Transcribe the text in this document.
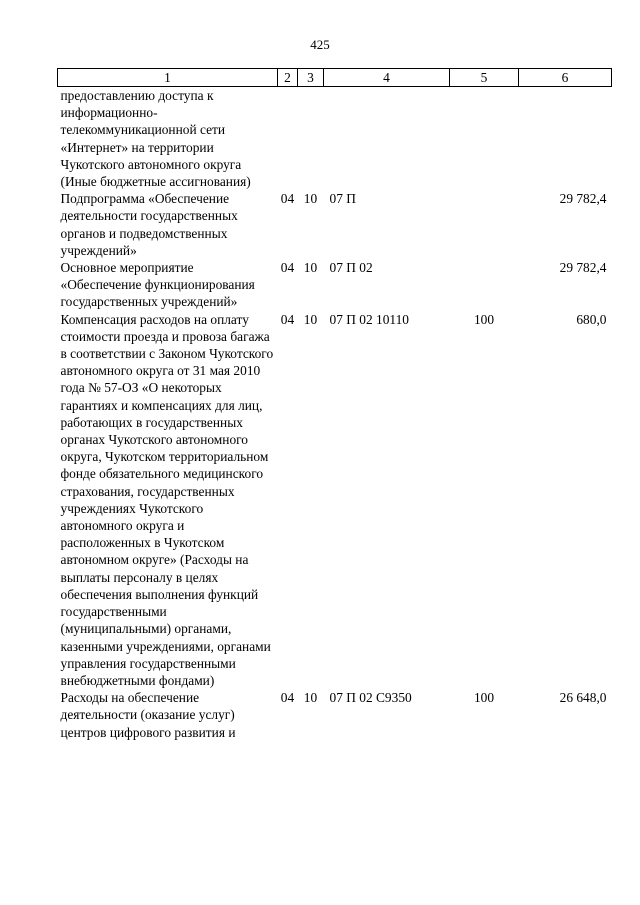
425
1	2	3	4	5	6
предоставлению доступа к информационно-телекоммуникационной сети «Интернет» на территории Чукотского автономного округа (Иные бюджетные ассигнования)					
Подпрограмма «Обеспечение деятельности государственных органов и подведомственных учреждений»	04	10	07 П		29 782,4
Основное мероприятие «Обеспечение функционирования государственных учреждений»	04	10	07 П 02		29 782,4
Компенсация расходов на оплату стоимости проезда и провоза багажа в соответствии с Законом Чукотского автономного округа от 31 мая 2010 года № 57-ОЗ «О некоторых гарантиях и компенсациях для лиц, работающих в государственных органах Чукотского автономного округа, Чукотском территориальном фонде обязательного медицинского страхования, государственных учреждениях Чукотского автономного округа и расположенных в Чукотском автономном округе» (Расходы на выплаты персоналу в целях обеспечения выполнения функций государственными (муниципальными) органами, казенными учреждениями, органами управления государственными внебюджетными фондами)	04	10	07 П 02 10110	100	680,0
Расходы на обеспечение деятельности (оказание услуг) центров цифрового развития и	04	10	07 П 02 С9350	100	26 648,0
